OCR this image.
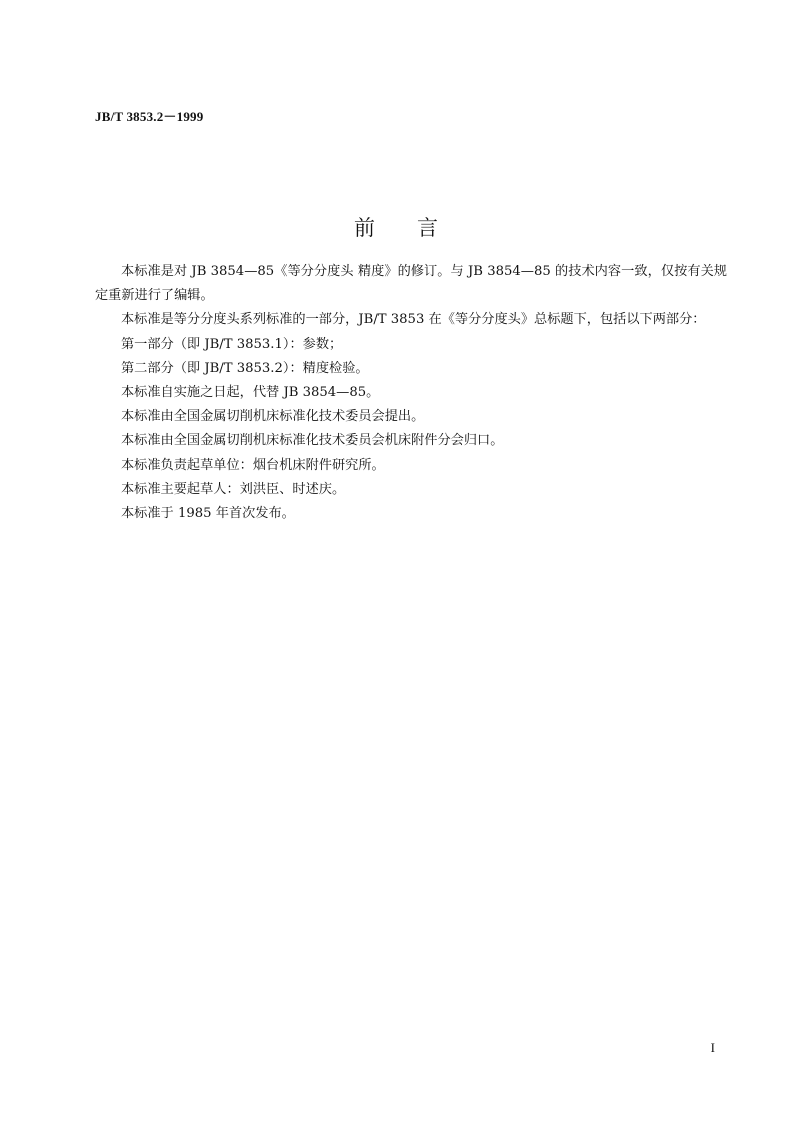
JB/T 3853.2－1999
前 言

本标准是对 JB 3854—85《等分分度头 精度》的修订。与 JB 3854—85 的技术内容一致，仅按有关规定重新进行了编辑。

本标准是等分分度头系列标准的一部分，JB/T 3853 在《等分分度头》总标题下，包括以下两部分：

第一部分（即 JB/T 3853.1）：参数；

第二部分（即 JB/T 3853.2）：精度检验。

本标准自实施之日起，代替 JB 3854—85。

本标准由全国金属切削机床标准化技术委员会提出。

本标准由全国金属切削机床标准化技术委员会机床附件分会归口。

本标准负责起草单位：烟台机床附件研究所。

本标准主要起草人：刘洪臣、时述庆。

本标准于 1985 年首次发布。

I
